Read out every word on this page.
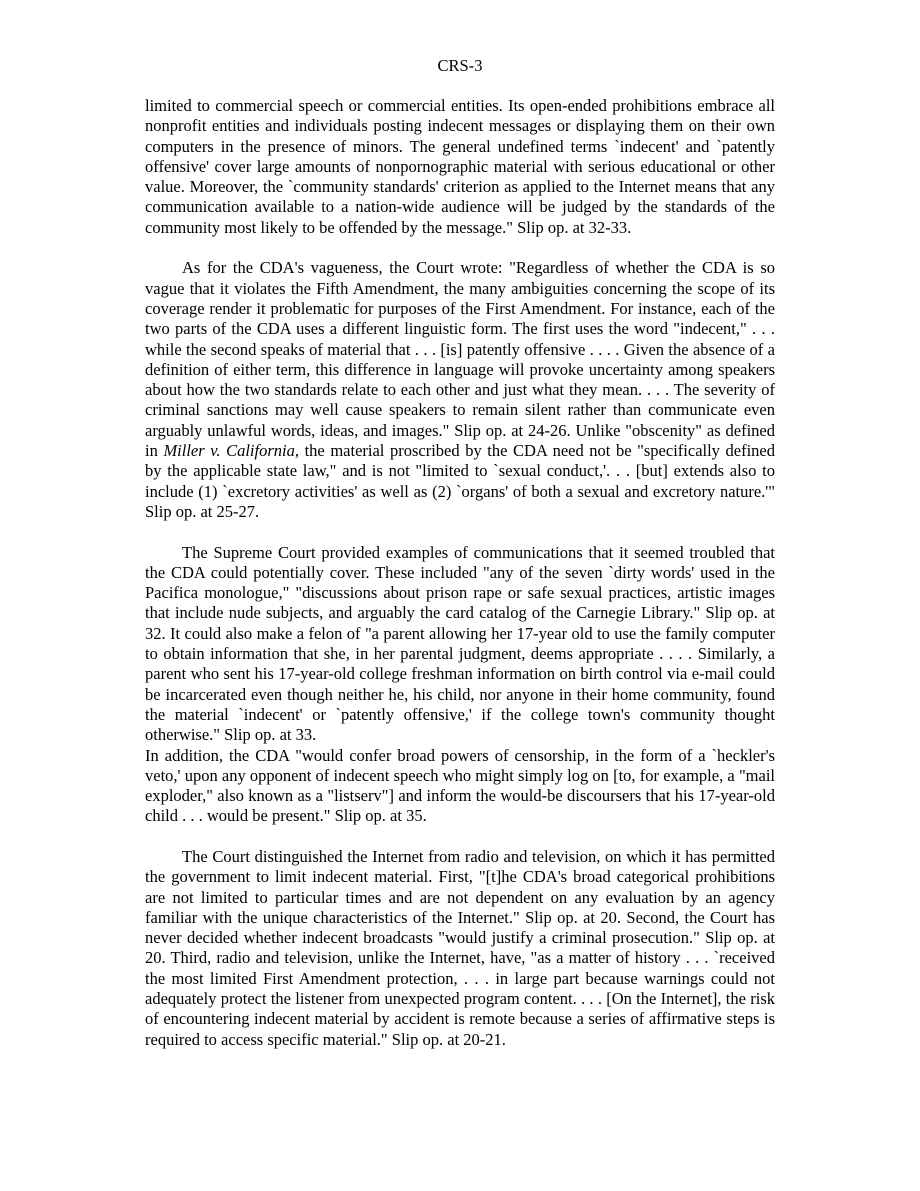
CRS-3

limited to commercial speech or commercial entities. Its open-ended prohibitions embrace all nonprofit entities and individuals posting indecent messages or displaying them on their own computers in the presence of minors. The general undefined terms `indecent' and `patently offensive' cover large amounts of nonpornographic material with serious educational or other value. Moreover, the `community standards' criterion as applied to the Internet means that any communication available to a nation-wide audience will be judged by the standards of the community most likely to be offended by the message." Slip op. at 32-33.

As for the CDA's vagueness, the Court wrote: "Regardless of whether the CDA is so vague that it violates the Fifth Amendment, the many ambiguities concerning the scope of its coverage render it problematic for purposes of the First Amendment. For instance, each of the two parts of the CDA uses a different linguistic form. The first uses the word "indecent," . . . while the second speaks of material that . . . [is] patently offensive . . . . Given the absence of a definition of either term, this difference in language will provoke uncertainty among speakers about how the two standards relate to each other and just what they mean. . . . The severity of criminal sanctions may well cause speakers to remain silent rather than communicate even arguably unlawful words, ideas, and images." Slip op. at 24-26. Unlike "obscenity" as defined in Miller v. California, the material proscribed by the CDA need not be "specifically defined by the applicable state law," and is not "limited to `sexual conduct,'. . . [but] extends also to include (1) `excretory activities' as well as (2) `organs' of both a sexual and excretory nature.'" Slip op. at 25-27.

The Supreme Court provided examples of communications that it seemed troubled that the CDA could potentially cover. These included "any of the seven `dirty words' used in the Pacifica monologue," "discussions about prison rape or safe sexual practices, artistic images that include nude subjects, and arguably the card catalog of the Carnegie Library." Slip op. at 32. It could also make a felon of "a parent allowing her 17-year old to use the family computer to obtain information that she, in her parental judgment, deems appropriate . . . . Similarly, a parent who sent his 17-year-old college freshman information on birth control via e-mail could be incarcerated even though neither he, his child, nor anyone in their home community, found the material `indecent' or `patently offensive,' if the college town's community thought otherwise." Slip op. at 33.

In addition, the CDA "would confer broad powers of censorship, in the form of a `heckler's veto,' upon any opponent of indecent speech who might simply log on [to, for example, a "mail exploder," also known as a "listserv"] and inform the would-be discoursers that his 17-year-old child . . . would be present." Slip op. at 35.

The Court distinguished the Internet from radio and television, on which it has permitted the government to limit indecent material. First, "[t]he CDA's broad categorical prohibitions are not limited to particular times and are not dependent on any evaluation by an agency familiar with the unique characteristics of the Internet." Slip op. at 20. Second, the Court has never decided whether indecent broadcasts "would justify a criminal prosecution." Slip op. at 20. Third, radio and television, unlike the Internet, have, "as a matter of history . . . `received the most limited First Amendment protection, . . . in large part because warnings could not adequately protect the listener from unexpected program content. . . . [On the Internet], the risk of encountering indecent material by accident is remote because a series of affirmative steps is required to access specific material." Slip op. at 20-21.
